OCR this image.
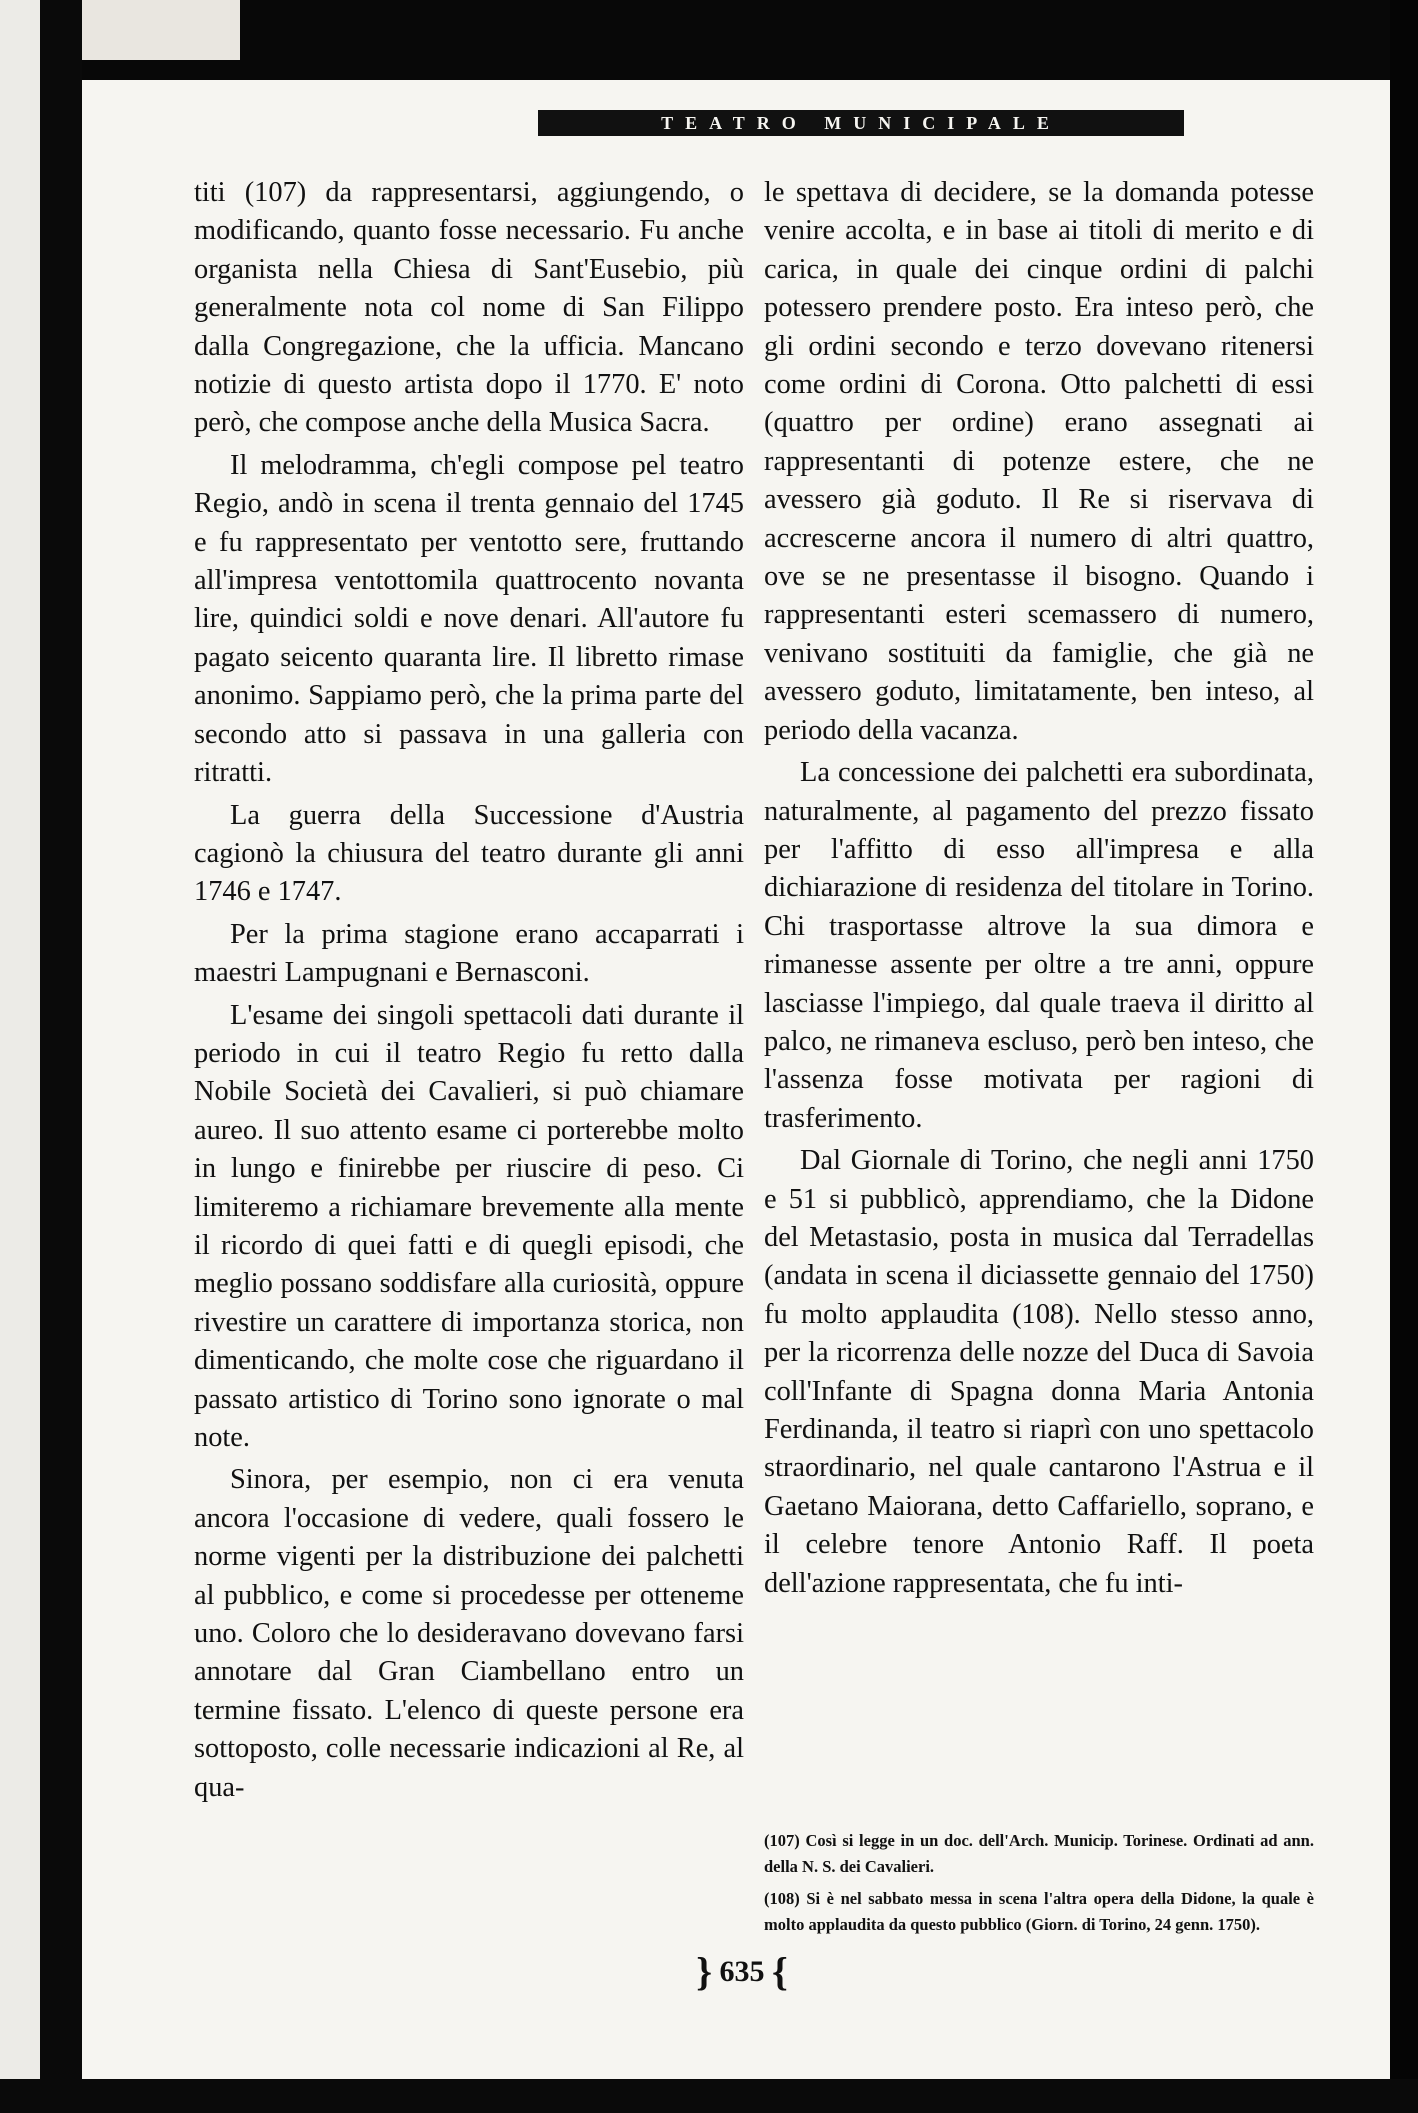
TEATRO MUNICIPALE

titi (107) da rappresentarsi, aggiungendo, o modificando, quanto fosse necessario. Fu anche organista nella Chiesa di Sant'Eusebio, più generalmente nota col nome di San Filippo dalla Congregazione, che la ufficia. Mancano notizie di questo artista dopo il 1770. E' noto però, che compose anche della Musica Sacra.

Il melodramma, ch'egli compose pel teatro Regio, andò in scena il trenta gennaio del 1745 e fu rappresentato per ventotto sere, fruttando all'impresa ventottomila quattrocento novanta lire, quindici soldi e nove denari. All'autore fu pagato seicento quaranta lire. Il libretto rimase anonimo. Sappiamo però, che la prima parte del secondo atto si passava in una galleria con ritratti.

La guerra della Successione d'Austria cagionò la chiusura del teatro durante gli anni 1746 e 1747.

Per la prima stagione erano accaparrati i maestri Lampugnani e Bernasconi.

L'esame dei singoli spettacoli dati durante il periodo in cui il teatro Regio fu retto dalla Nobile Società dei Cavalieri, si può chiamare aureo. Il suo attento esame ci porterebbe molto in lungo e finirebbe per riuscire di peso. Ci limiteremo a richiamare brevemente alla mente il ricordo di quei fatti e di quegli episodi, che meglio possano soddisfare alla curiosità, oppure rivestire un carattere di importanza storica, non dimenticando, che molte cose che riguardano il passato artistico di Torino sono ignorate o mal note.

Sinora, per esempio, non ci era venuta ancora l'occasione di vedere, quali fossero le norme vigenti per la distribuzione dei palchetti al pubblico, e come si procedesse per otteneme uno. Coloro che lo desideravano dovevano farsi annotare dal Gran Ciambellano entro un termine fissato. L'elenco di queste persone era sottoposto, colle necessarie indicazioni al Re, al qua-

le spettava di decidere, se la domanda potesse venire accolta, e in base ai titoli di merito e di carica, in quale dei cinque ordini di palchi potessero prendere posto. Era inteso però, che gli ordini secondo e terzo dovevano ritenersi come ordini di Corona. Otto palchetti di essi (quattro per ordine) erano assegnati ai rappresentanti di potenze estere, che ne avessero già goduto. Il Re si riservava di accrescerne ancora il numero di altri quattro, ove se ne presentasse il bisogno. Quando i rappresentanti esteri scemassero di numero, venivano sostituiti da famiglie, che già ne avessero goduto, limitatamente, ben inteso, al periodo della vacanza.

La concessione dei palchetti era subordinata, naturalmente, al pagamento del prezzo fissato per l'affitto di esso all'impresa e alla dichiarazione di residenza del titolare in Torino. Chi trasportasse altrove la sua dimora e rimanesse assente per oltre a tre anni, oppure lasciasse l'impiego, dal quale traeva il diritto al palco, ne rimaneva escluso, però ben inteso, che l'assenza fosse motivata per ragioni di trasferimento.

Dal Giornale di Torino, che negli anni 1750 e 51 si pubblicò, apprendiamo, che la Didone del Metastasio, posta in musica dal Terradellas (andata in scena il diciassette gennaio del 1750) fu molto applaudita (108). Nello stesso anno, per la ricorrenza delle nozze del Duca di Savoia coll'Infante di Spagna donna Maria Antonia Ferdinanda, il teatro si riaprì con uno spettacolo straordinario, nel quale cantarono l'Astrua e il Gaetano Maiorana, detto Caffariello, soprano, e il celebre tenore Antonio Raff. Il poeta dell'azione rappresentata, che fu inti-

(107) Così si legge in un doc. dell'Arch. Municip. Torinese. Ordinati ad ann. della N. S. dei Cavalieri.

(108) Si è nel sabbato messa in scena l'altra opera della Didone, la quale è molto applaudita da questo pubblico (Giorn. di Torino, 24 genn. 1750).

} 635 {
